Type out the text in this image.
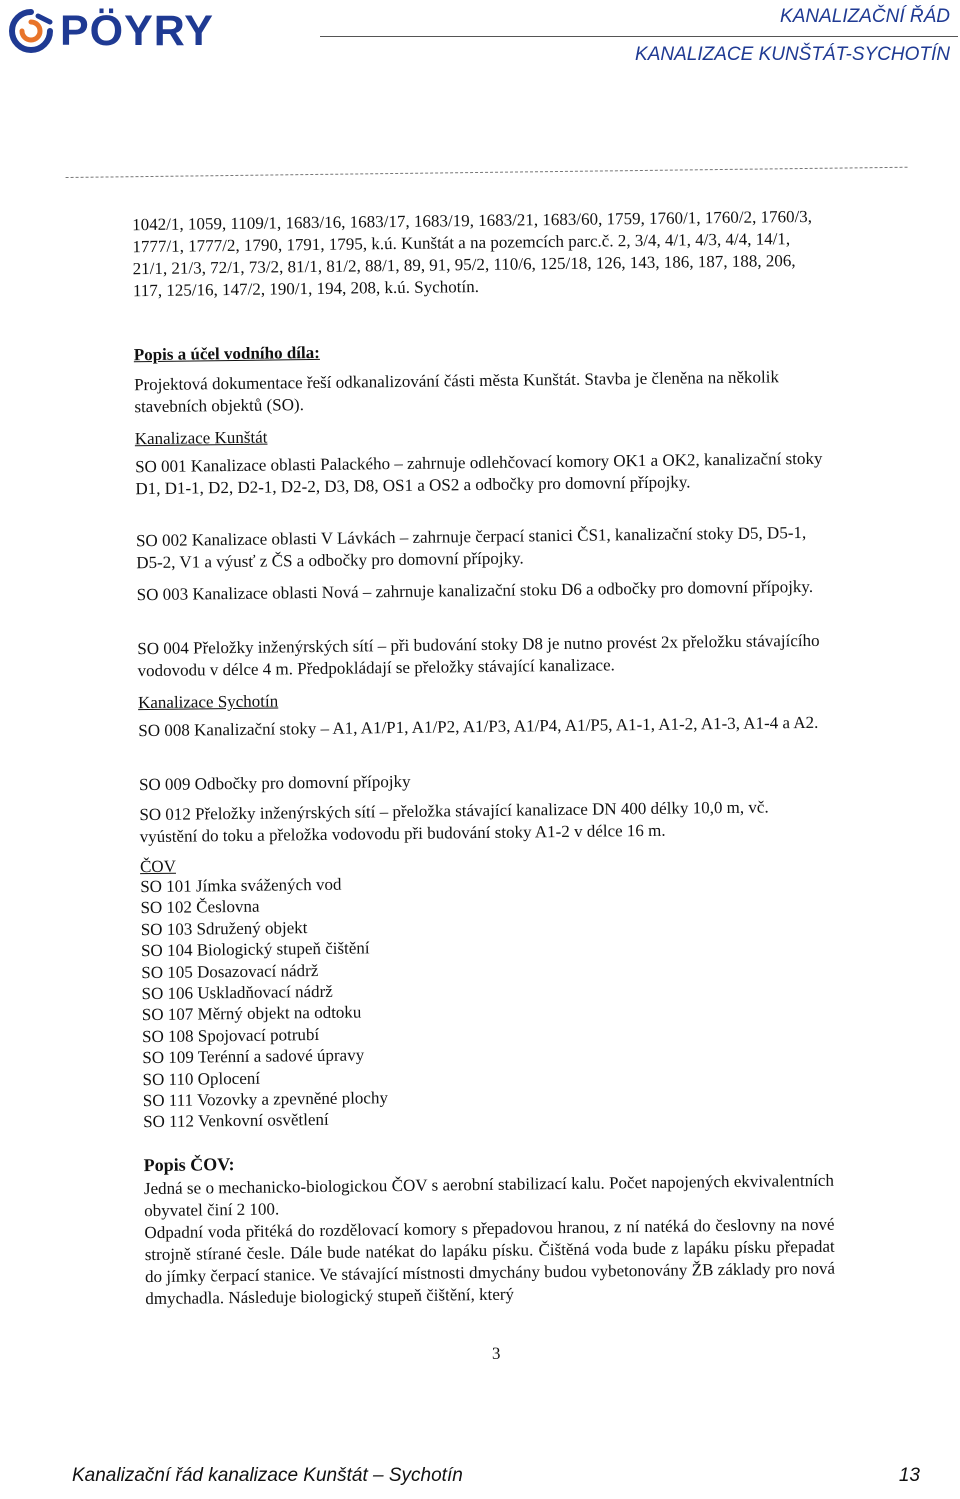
PÖYRY	KANALIZAČNÍ ŘÁD
KANALIZACE KUNŠTÁT-SYCHOTÍN

1042/1, 1059, 1109/1, 1683/16, 1683/17, 1683/19, 1683/21, 1683/60, 1759, 1760/1, 1760/2, 1760/3, 1777/1, 1777/2, 1790, 1791, 1795, k.ú. Kunštát a na pozemcích parc.č. 2, 3/4, 4/1, 4/3, 4/4, 14/1, 21/1, 21/3, 72/1, 73/2, 81/1, 81/2, 88/1, 89, 91, 95/2, 110/6, 125/18, 126, 143, 186, 187, 188, 206, 117, 125/16, 147/2, 190/1, 194, 208, k.ú. Sychotín.

Popis a účel vodního díla:

Projektová dokumentace řeší odkanalizování části města Kunštát. Stavba je členěna na několik stavebních objektů (SO).

Kanalizace Kunštát

SO 001 Kanalizace oblasti Palackého – zahrnuje odlehčovací komory OK1 a OK2, kanalizační stoky D1, D1-1, D2, D2-1, D2-2, D3, D8, OS1 a OS2 a odbočky pro domovní přípojky.

SO 002 Kanalizace oblasti V Lávkách – zahrnuje čerpací stanici ČS1, kanalizační stoky D5, D5-1, D5-2, V1 a výusť z ČS a odbočky pro domovní přípojky.

SO 003 Kanalizace oblasti Nová – zahrnuje kanalizační stoku D6 a odbočky pro domovní přípojky.

SO 004 Přeložky inženýrských sítí – při budování stoky D8 je nutno provést 2x přeložku stávajícího vodovodu v délce 4 m. Předpokládají se přeložky stávající kanalizace.

Kanalizace Sychotín

SO 008 Kanalizační stoky – A1, A1/P1, A1/P2, A1/P3, A1/P4, A1/P5, A1-1, A1-2, A1-3, A1-4 a A2.

SO 009 Odbočky pro domovní přípojky

SO 012 Přeložky inženýrských sítí – přeložka stávající kanalizace DN 400 délky 10,0 m, vč. vyústění do toku a přeložka vodovodu při budování stoky A1-2 v délce 16 m.

ČOV

SO 101 Jímka svážených vod
SO 102 Česlovna
SO 103 Sdružený objekt
SO 104 Biologický stupeň čištění
SO 105 Dosazovací nádrž
SO 106 Uskladňovací nádrž
SO 107 Měrný objekt na odtoku
SO 108 Spojovací potrubí
SO 109 Terénní a sadové úpravy
SO 110 Oplocení
SO 111 Vozovky a zpevněné plochy
SO 112 Venkovní osvětlení

Popis ČOV:

Jedná se o mechanicko-biologickou ČOV s aerobní stabilizací kalu. Počet napojených ekvivalentních obyvatel činí 2 100.

Odpadní voda přitéká do rozdělovací komory s přepadovou hranou, z ní natéká do česlovny na nové strojně stírané česle. Dále bude natékat do lapáku písku. Čištěná voda bude z lapáku písku přepadat do jímky čerpací stanice. Ve stávající místnosti dmychány budou vybetonovány ŽB základy pro nová dmychadla. Následuje biologický stupeň čištění, který

3
Kanalizační řád kanalizace Kunštát – Sychotín	13
